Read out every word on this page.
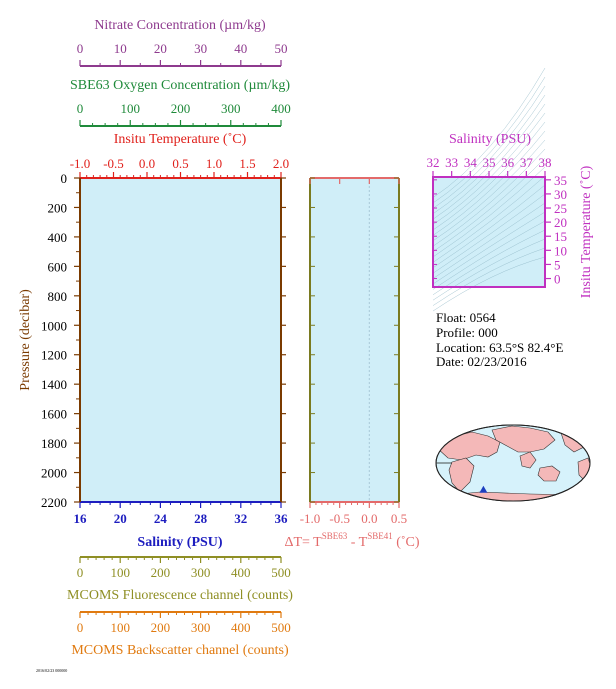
Nitrate Concentration (µm/kg)
0 10 20 30 40 50
SBE63 Oxygen Concentration (µm/kg)
0	100 200 300 400
Insitu Temperature (˚C)
-1.0 -0.5 0.0 0.5 1.0 1.5 2.0
16 20 24 28 32 36
0
200
400
600
800
1000
1200
1400
1600
1800
2000
2200
Pressure (decibar)
Salinity (PSU)
-1.0 -0.5 0.0 0.5
$\Delta T= T^{SBE63} - T^{SBE41}$ (˚C)
Salinity (PSU)
32 33 34 35 36 37 38
0
5
10
15
20
25
30
35 Insitu Temperature (˚C)
Float: 0564
Profile: 000
Location: 63.5°S 82.4°E
Date: 02/23/2016
0 100 200 300 400 500
MCOMS Fluorescence channel (counts)
0 100 200 300 400 500
MCOMS Backscatter channel (counts)
2016/02/23 000000
